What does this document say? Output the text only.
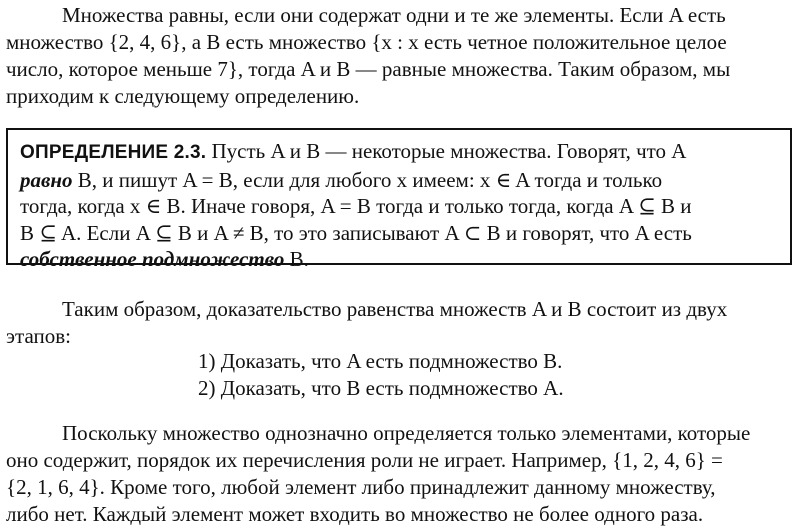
Множества равны, если они содержат одни и те же элементы. Если A есть
множество {2, 4, 6}, а B есть множество {x : x есть четное положительное целое
число, которое меньше 7}, тогда A и B — равные множества. Таким образом, мы
приходим к следующему определению.

ОПРЕДЕЛЕНИЕ 2.3. Пусть A и B — некоторые множества. Говорят, что A
равно B, и пишут A = B, если для любого x имеем: x ∈ A тогда и только
тогда, когда x ∈ B. Иначе говоря, A = B тогда и только тогда, когда A ⊆ B и
B ⊆ A. Если A ⊆ B и A ≠ B, то это записывают A ⊂ B и говорят, что A есть
собственное подмножество B.

Таким образом, доказательство равенства множеств A и B состоит из двух
этапов:

1) Доказать, что A есть подмножество B.
2) Доказать, что B есть подмножество A.

Поскольку множество однозначно определяется только элементами, которые
оно содержит, порядок их перечисления роли не играет. Например, {1, 2, 4, 6} =
{2, 1, 6, 4}. Кроме того, любой элемент либо принадлежит данному множеству,
либо нет. Каждый элемент может входить во множество не более одного раза.
